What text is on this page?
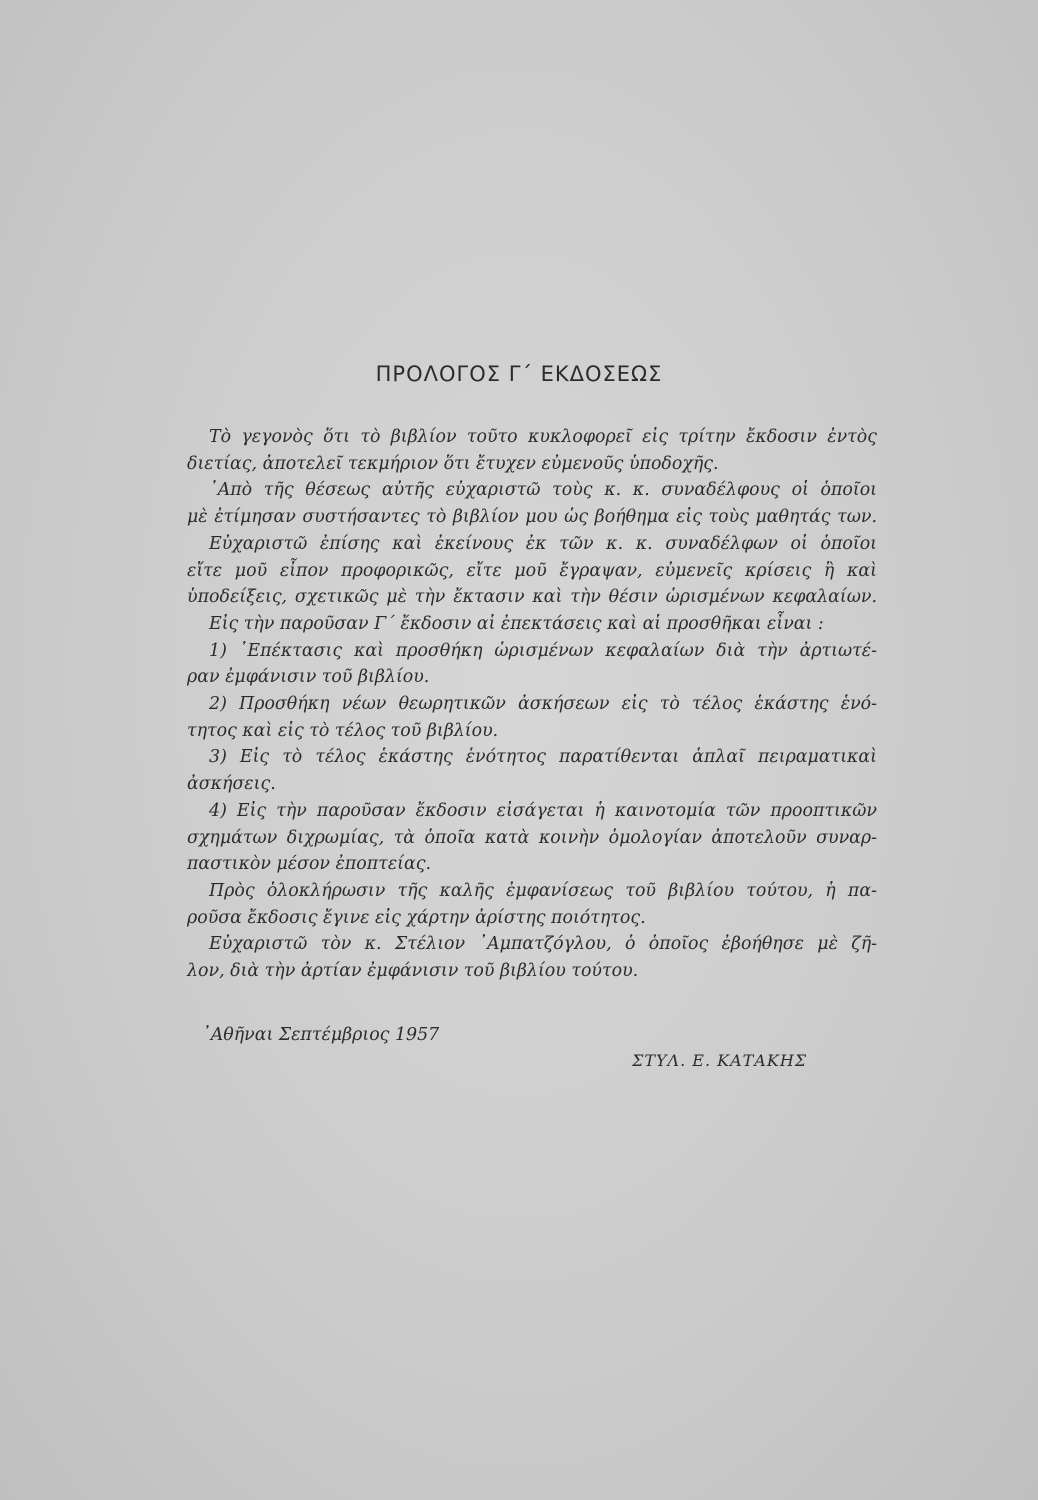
ΠΡΟΛΟΓΟΣ Γ΄ ΕΚΔΟΣΕΩΣ
Τὸ γεγονὸς ὅτι τὸ βιβλίον τοῦτο κυκλοφορεῖ εἰς τρίτην ἔκδοσιν ἐντὸς
διετίας, ἀποτελεῖ τεκμήριον ὅτι ἔτυχεν εὐμενοῦς ὑποδοχῆς.
᾽Απὸ τῆς θέσεως αὐτῆς εὐχαριστῶ τοὺς κ. κ. συναδέλφους οἱ ὁποῖοι
μὲ ἐτίμησαν συστήσαντες τὸ βιβλίον μου ὡς βοήθημα εἰς τοὺς μαθητάς των.
Εὐχαριστῶ ἐπίσης καὶ ἐκείνους ἐκ τῶν κ. κ. συναδέλφων οἱ ὁποῖοι
εἴτε μοῦ εἶπον προφορικῶς, εἴτε μοῦ ἔγραψαν, εὐμενεῖς κρίσεις ἢ καὶ
ὑποδείξεις, σχετικῶς μὲ τὴν ἔκτασιν καὶ τὴν θέσιν ὡρισμένων κεφαλαίων.
Εἰς τὴν παροῦσαν Γ΄ ἔκδοσιν αἱ ἐπεκτάσεις καὶ αἱ προσθῆκαι εἶναι :
1) ᾽Επέκτασις καὶ προσθήκη ὡρισμένων κεφαλαίων διὰ τὴν ἀρτιωτέ-
ραν ἐμφάνισιν τοῦ βιβλίου.
2) Προσθήκη νέων θεωρητικῶν ἀσκήσεων εἰς τὸ τέλος ἑκάστης ἑνό-
τητος καὶ εἰς τὸ τέλος τοῦ βιβλίου.
3) Εἰς τὸ τέλος ἑκάστης ἑνότητος παρατίθενται ἁπλαῖ πειραματικαὶ
ἀσκήσεις.
4) Εἰς τὴν παροῦσαν ἔκδοσιν εἰσάγεται ἡ καινοτομία τῶν προοπτικῶν
σχημάτων διχρωμίας, τὰ ὁποῖα κατὰ κοινὴν ὁμολογίαν ἀποτελοῦν συναρ-
παστικὸν μέσον ἐποπτείας.
Πρὸς ὁλοκλήρωσιν τῆς καλῆς ἐμφανίσεως τοῦ βιβλίου τούτου, ἡ πα-
ροῦσα ἔκδοσις ἔγινε εἰς χάρτην ἀρίστης ποιότητος.
Εὐχαριστῶ τὸν κ. Στέλιον ᾽Αμπατζόγλου, ὁ ὁποῖος ἐβοήθησε μὲ ζῆ-
λον, διὰ τὴν ἀρτίαν ἐμφάνισιν τοῦ βιβλίου τούτου.
᾽Αθῆναι Σεπτέμβριος 1957
ΣΤΥΛ. Ε. ΚΑΤΑΚΗΣ
